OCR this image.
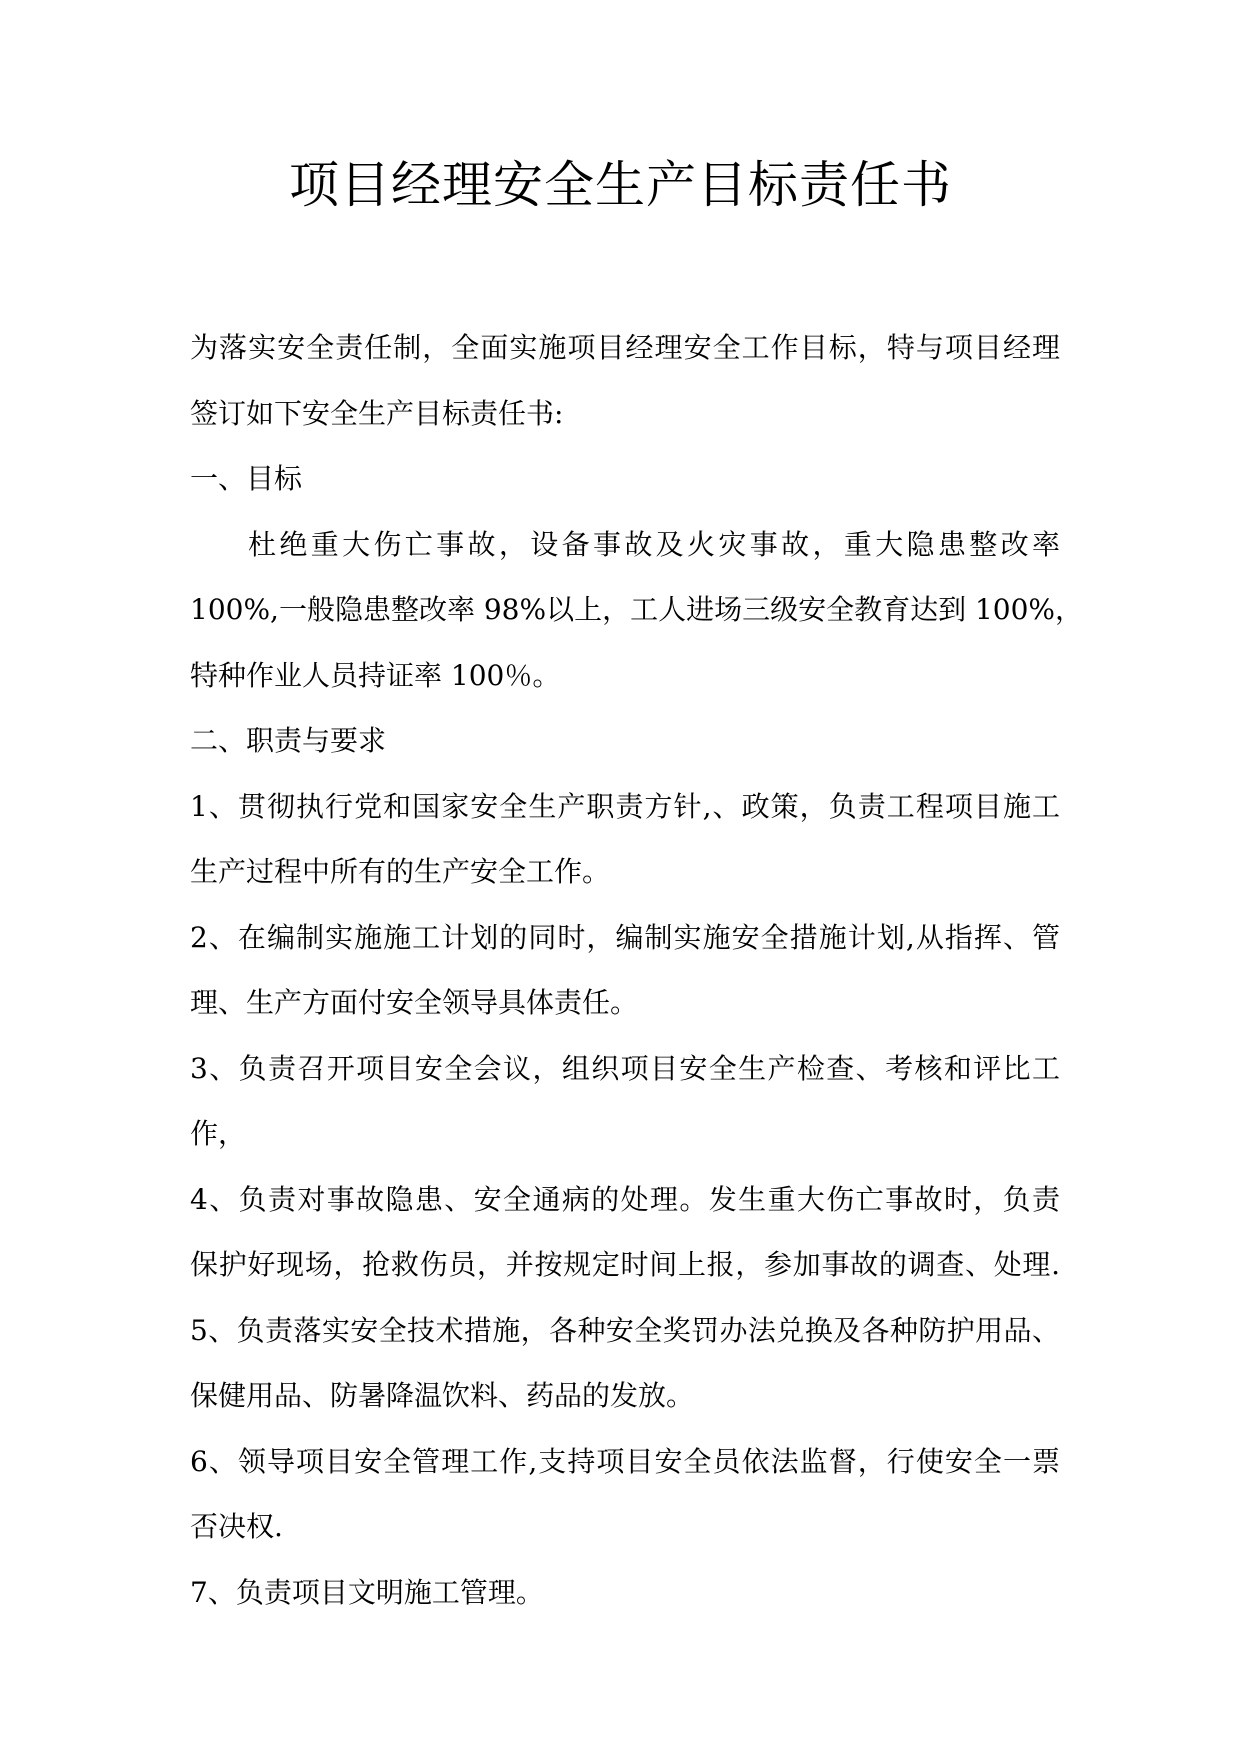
项目经理安全生产目标责任书
为落实安全责任制，全面实施项目经理安全工作目标，特与项目经理
签订如下安全生产目标责任书:
一、目标
杜绝重大伤亡事故，设备事故及火灾事故，重大隐患整改率
100%,一般隐患整改率 98%以上，工人进场三级安全教育达到 100%，
特种作业人员持证率 100％。
二、职责与要求
1、贯彻执行党和国家安全生产职责方针,、政策，负责工程项目施工
生产过程中所有的生产安全工作。
2、在编制实施施工计划的同时，编制实施安全措施计划,从指挥、管
理、生产方面付安全领导具体责任。
3、负责召开项目安全会议，组织项目安全生产检查、考核和评比工
作，
4、负责对事故隐患、安全通病的处理。发生重大伤亡事故时，负责
保护好现场，抢救伤员，并按规定时间上报，参加事故的调查、处理.
5、负责落实安全技术措施，各种安全奖罚办法兑换及各种防护用品、
保健用品、防暑降温饮料、药品的发放。
6、领导项目安全管理工作,支持项目安全员依法监督，行使安全一票
否决权.
7、负责项目文明施工管理。
